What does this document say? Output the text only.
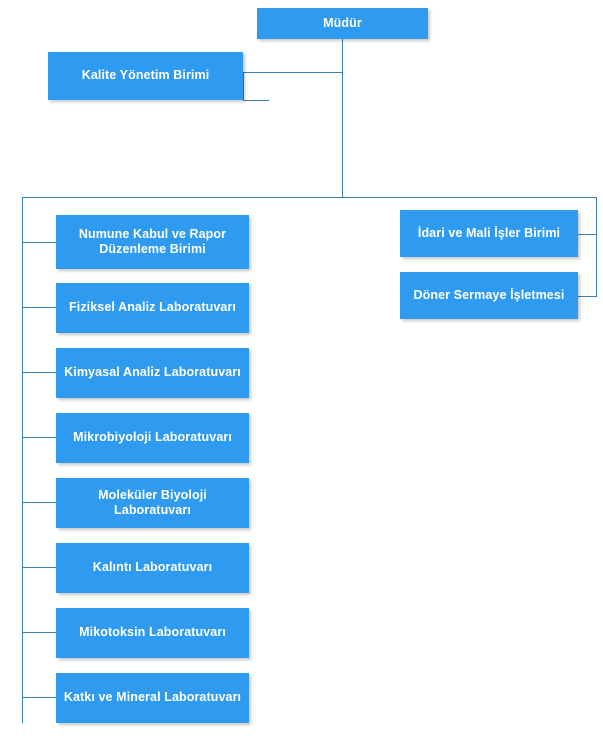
Müdür
Kalite Yönetim Birimi
Numune Kabul ve Rapor Düzenleme Birimi
Fiziksel Analiz Laboratuvarı
Kimyasal Analiz Laboratuvarı
Mikrobiyoloji Laboratuvarı
Moleküler Biyoloji Laboratuvarı
Kalıntı Laboratuvarı
Mikotoksin Laboratuvarı
Katkı ve Mineral Laboratuvarı
İdari ve Mali İşler Birimi
Döner Sermaye İşletmesi
